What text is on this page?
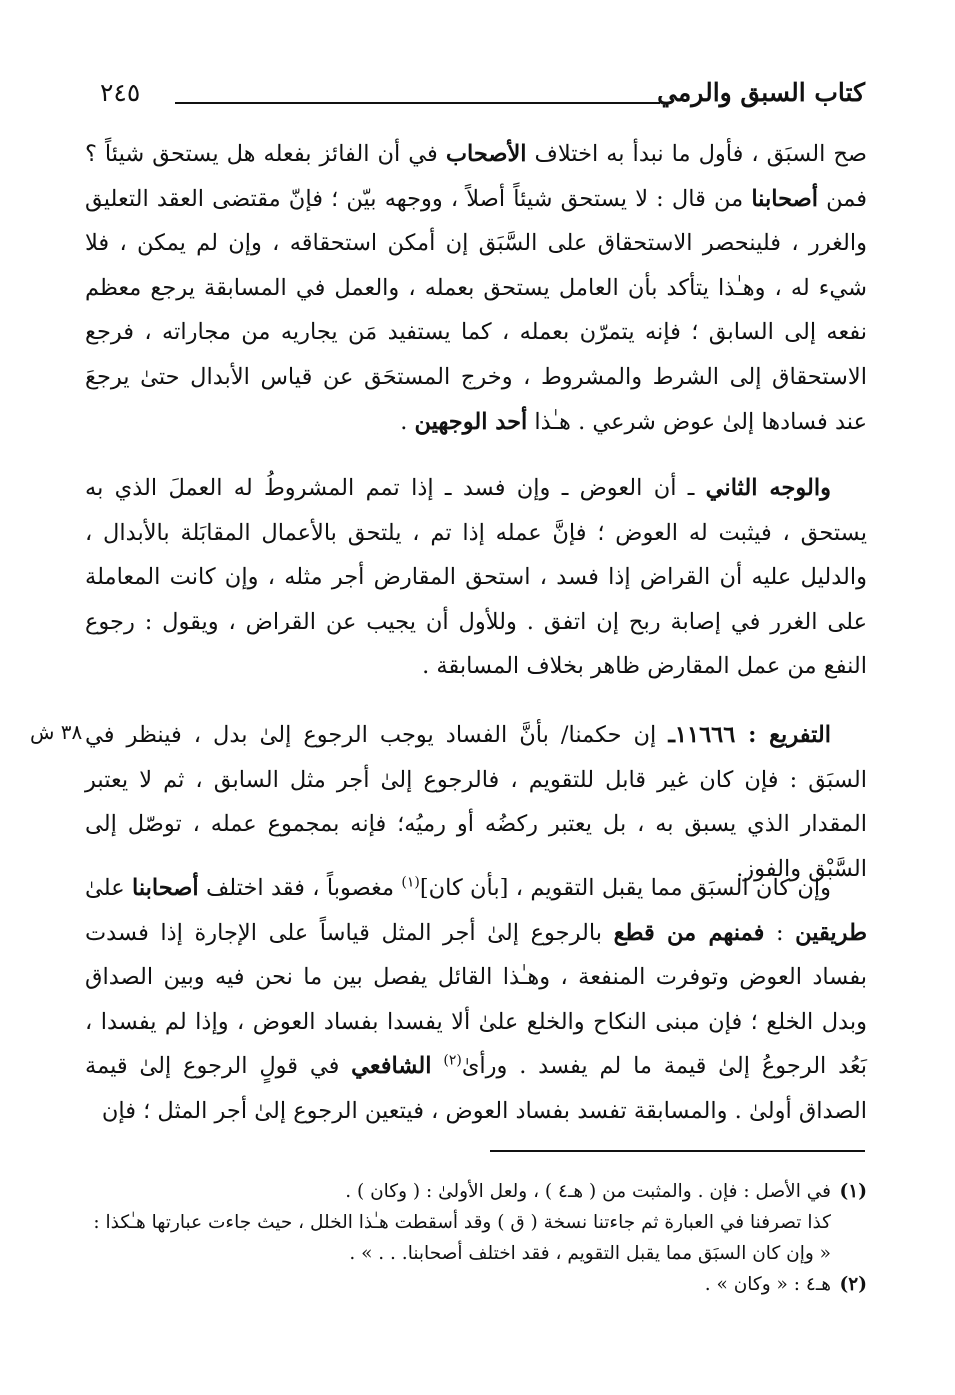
كتاب السبق والرمي
٢٤٥
٣٨ ش

صح السبَق ، فأول ما نبدأ به اختلاف الأصحاب في أن الفائز بفعله هل يستحق شيئاً ؟ فمن أصحابنا من قال : لا يستحق شيئاً أصلاً ، ووجهه بيّن ؛ فإنّ مقتضى العقد التعليق والغرر ، فلينحصر الاستحقاق على السَّبَق إن أمكن استحقاقه ، وإن لم يمكن ، فلا شيء له ، وهـٰذا يتأكد بأن العامل يستحق بعمله ، والعمل في المسابقة يرجع معظم نفعه إلى السابق ؛ فإنه يتمرّن بعمله ، كما يستفيد مَن يجاريه من مجاراته ، فرجع الاستحقاق إلى الشرط والمشروط ، وخرج المستحَق عن قياس الأبدال حتىٰ يرجعَ عند فسادها إلىٰ عوض شرعي . هـٰذا أحد الوجهين .

والوجه الثاني ـ أن العوض ـ وإن فسد ـ إذا تمم المشروطُ له العملَ الذي به يستحق ، فيثبت له العوض ؛ فإنَّ عمله إذا تم ، يلتحق بالأعمال المقابَلة بالأبدال ، والدليل عليه أن القراض إذا فسد ، استحق المقارض أجر مثله ، وإن كانت المعاملة على الغرر في إصابة ربح إن اتفق . وللأول أن يجيب عن القراض ، ويقول : رجوع النفع من عمل المقارض ظاهر بخلاف المسابقة .

التفريع : ١١٦٦٦ـ إن حكمنا/ بأنَّ الفساد يوجب الرجوع إلىٰ بدل ، فينظر في السبَق : فإن كان غير قابل للتقويم ، فالرجوع إلىٰ أجر مثل السابق ، ثم لا يعتبر المقدار الذي يسبق به ، بل يعتبر ركضُه أو رميُه؛ فإنه بمجموع عمله ، توصّل إلى السَّبْق والفوز.

وإن كان السبَق مما يقبل التقويم ، [بأن كان]$^{(١)}$ مغصوباً ، فقد اختلف أصحابنا علىٰ طريقين : فمنهم من قطع بالرجوع إلىٰ أجر المثل قياساً على الإجارة إذا فسدت بفساد العوض وتوفرت المنفعة ، وهـٰذا القائل يفصل بين ما نحن فيه وبين الصداق وبدل الخلع ؛ فإن مبنى النكاح والخلع علىٰ ألا يفسدا بفساد العوض ، وإذا لم يفسدا ، بَعُد الرجوعُ إلىٰ قيمة ما لم يفسد . ورأىٰ$^{(٢)}$ الشافعي في قولٍ الرجوع إلىٰ قيمة الصداق أولىٰ . والمسابقة تفسد بفساد العوض ، فيتعين الرجوع إلىٰ أجر المثل ؛ فإن

(١)في الأصل : فإن . والمثبت من ( هـ٤ ) ، ولعل الأولىٰ : ( وكان ) .

كذا تصرفنا في العبارة ثم جاءتنا نسخة ( ق ) وقد أسقطت هـٰذا الخلل ، حيث جاءت عبارتها هـٰكذا : « وإن كان السبَق مما يقبل التقويم ، فقد اختلف أصحابنا. . . » .

(٢)هـ٤ : « وكان » .
